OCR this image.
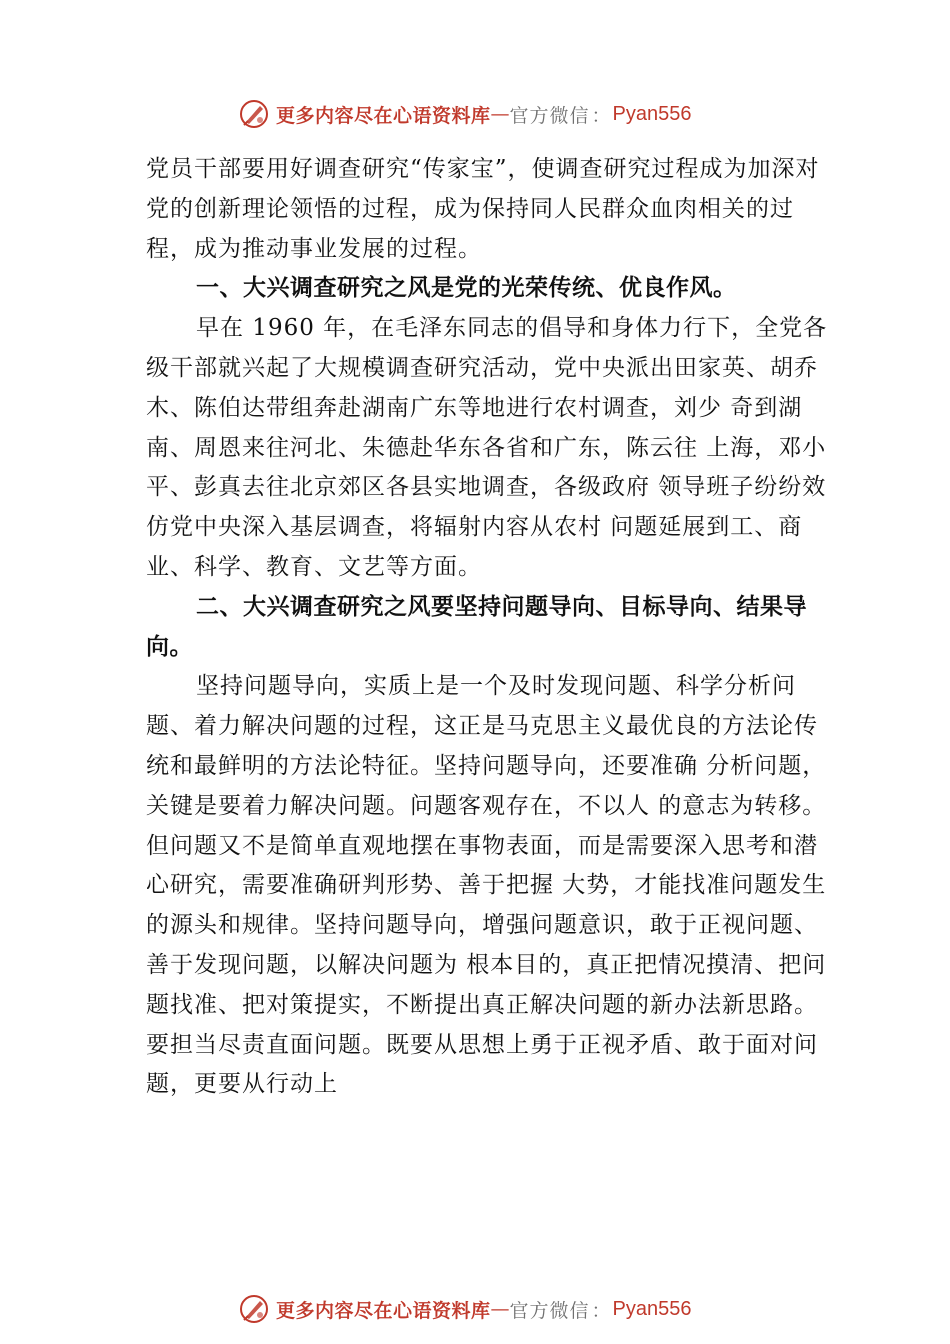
更多内容尽在心语资料库 — 官方微信 ： Pyan556

党员干部要用好调查研究“传家宝”，使调查研究过程成为加深对党的创新理论领悟的过程，成为保持同人民群众血肉相关的过程，成为推动事业发展的过程。

一、大兴调查研究之风是党的光荣传统、优良作风。

早在 1960 年，在毛泽东同志的倡导和身体力行下，全党各级干部就兴起了大规模调查研究活动，党中央派出田家英、胡乔木、陈伯达带组奔赴湖南广东等地进行农村调查，刘少 奇到湖南、周恩来往河北、朱德赴华东各省和广东，陈云往 上海，邓小平、彭真去往北京郊区各县实地调查，各级政府 领导班子纷纷效仿党中央深入基层调查，将辐射内容从农村 问题延展到工、商业、科学、教育、文艺等方面。

二、大兴调查研究之风要坚持问题导向、目标导向、结果导向。

坚持问题导向，实质上是一个及时发现问题、科学分析问题、着力解决问题的过程，这正是马克思主义最优良的方法论传统和最鲜明的方法论特征。坚持问题导向，还要准确 分析问题，关键是要着力解决问题。问题客观存在，不以人 的意志为转移。但问题又不是简单直观地摆在事物表面，而是需要深入思考和潜心研究，需要准确研判形势、善于把握 大势，才能找准问题发生的源头和规律。坚持问题导向，增强问题意识，敢于正视问题、善于发现问题，以解决问题为 根本目的，真正把情况摸清、把问题找准、把对策提实，不断提出真正解决问题的新办法新思路。要担当尽责直面问题。既要从思想上勇于正视矛盾、敢于面对问题，更要从行动上

更多内容尽在心语资料库 — 官方微信 ： Pyan556
